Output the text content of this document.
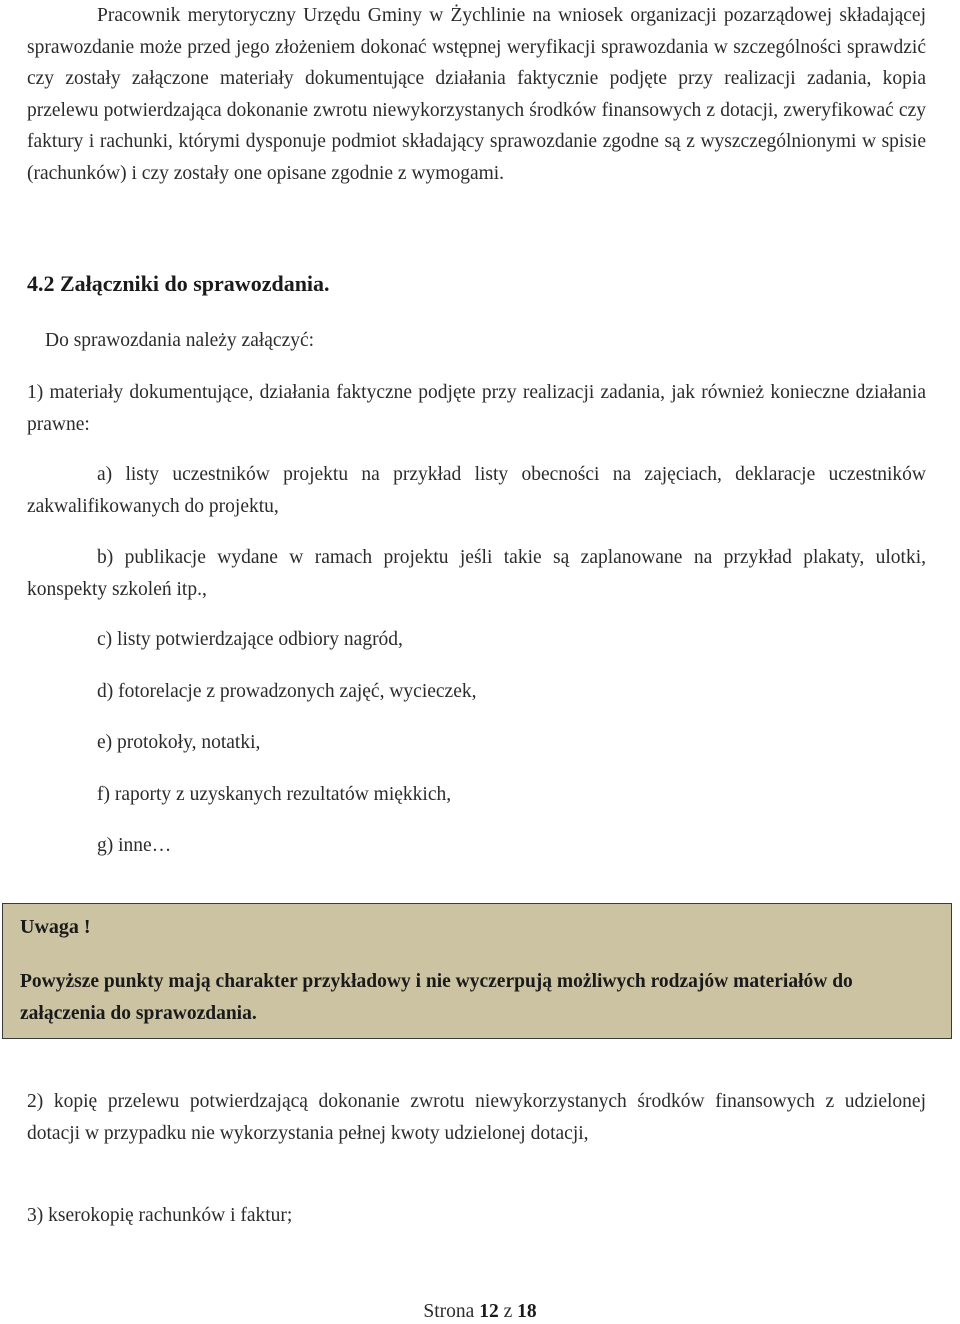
Pracownik merytoryczny Urzędu Gminy w Żychlinie na wniosek organizacji pozarządowej składającej sprawozdanie może przed jego złożeniem dokonać wstępnej weryfikacji sprawozdania w szczególności sprawdzić czy zostały załączone materiały dokumentujące działania faktycznie podjęte przy realizacji zadania, kopia przelewu potwierdzająca dokonanie zwrotu niewykorzystanych środków finansowych z dotacji, zweryfikować czy faktury i rachunki, którymi dysponuje podmiot składający sprawozdanie zgodne są z wyszczególnionymi w spisie (rachunków) i czy zostały one opisane zgodnie z wymogami.

4.2 Załączniki do sprawozdania.

Do sprawozdania należy załączyć:

1) materiały dokumentujące, działania faktyczne podjęte przy realizacji zadania, jak również konieczne działania prawne:

a) listy uczestników projektu na przykład listy obecności na zajęciach, deklaracje uczestników zakwalifikowanych do projektu,

b) publikacje wydane w ramach projektu jeśli takie są zaplanowane na przykład plakaty, ulotki, konspekty szkoleń itp.,

c) listy potwierdzające odbiory nagród,

d) fotorelacje z prowadzonych zajęć, wycieczek,

e) protokoły, notatki,

f) raporty z uzyskanych rezultatów miękkich,

g) inne…

Uwaga !

Powyższe punkty mają charakter przykładowy i nie wyczerpują możliwych rodzajów materiałów do załączenia do sprawozdania.

2) kopię przelewu potwierdzającą dokonanie zwrotu niewykorzystanych środków finansowych z udzielonej dotacji w przypadku nie wykorzystania pełnej kwoty udzielonej dotacji,

3) kserokopię rachunków i faktur;

Strona 12 z 18
